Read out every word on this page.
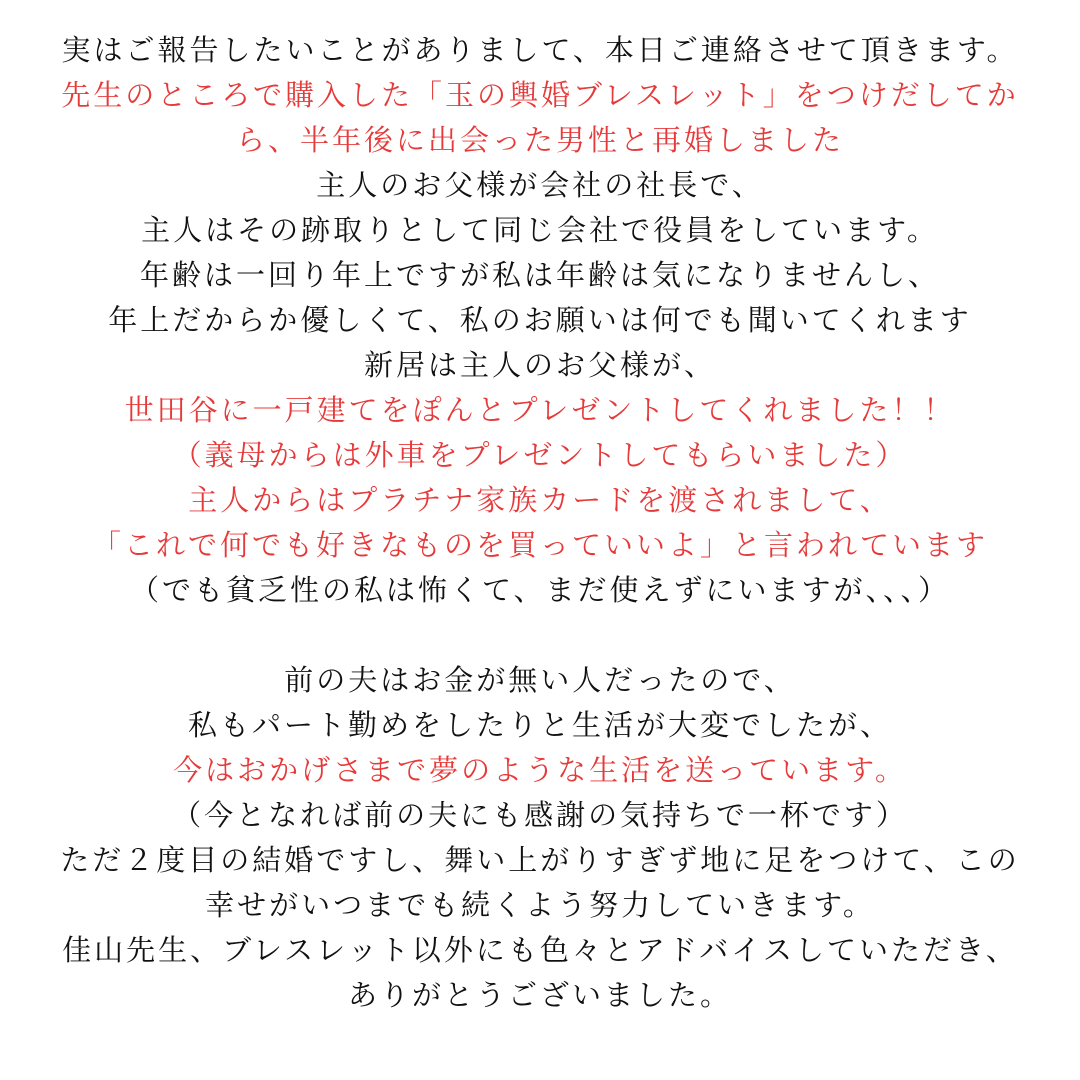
実はご報告したいことがありまして、本日ご連絡させて頂きます。
先生のところで購入した「玉の輿婚ブレスレット」をつけだしてか
ら、半年後に出会った男性と再婚しました
主人のお父様が会社の社長で、
主人はその跡取りとして同じ会社で役員をしています。
年齢は一回り年上ですが私は年齢は気になりませんし、
年上だからか優しくて、私のお願いは何でも聞いてくれます
新居は主人のお父様が、
世田谷に一戸建てをぽんとプレゼントしてくれました！！
（義母からは外車をプレゼントしてもらいました）
主人からはプラチナ家族カードを渡されまして、
「これで何でも好きなものを買っていいよ」と言われています
（でも貧乏性の私は怖くて、まだ使えずにいますが、、、）
前の夫はお金が無い人だったので、
私もパート勤めをしたりと生活が大変でしたが、
今はおかげさまで夢のような生活を送っています。
（今となれば前の夫にも感謝の気持ちで一杯です）
ただ２度目の結婚ですし、舞い上がりすぎず地に足をつけて、この
幸せがいつまでも続くよう努力していきます。
佳山先生、ブレスレット以外にも色々とアドバイスしていただき、
ありがとうございました。
